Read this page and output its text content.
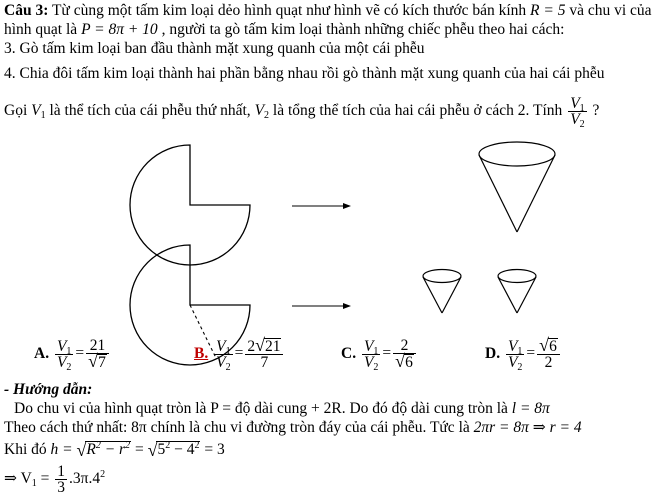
Câu 3: Từ cùng một tấm kim loại dẻo hình quạt như hình vẽ có kích thước bán kính R = 5 và chu vi của
hình quạt là P = 8π + 10 , người ta gò tấm kim loại thành những chiếc phễu theo hai cách:
3. Gò tấm kim loại ban đầu thành mặt xung quanh của một cái phễu
4. Chia đôi tấm kim loại thành hai phần bằng nhau rồi gò thành mặt xung quanh của hai cái phễu
Gọi $V_1$ là thể tích của cái phễu thứ nhất, $V_2$ là tổng thể tích của hai cái phễu ở cách 2. Tính $\frac{V_1}{V_2}$ ?
A. $\frac{V_1}{V_2} = \frac{21}{√7}$	B. $\frac{V_1}{V_2} = \frac{2√21}{7}$	C. $\frac{V_1}{V_2} = \frac{2}{√6}$	D. $\frac{V_1}{V_2} = \frac{√6}{2}$
- Hướng dẫn:
Do chu vi của hình quạt tròn là P = độ dài cung + 2R. Do đó độ dài cung tròn là l = 8π
Theo cách thứ nhất: 8π chính là chu vi đường tròn đáy của cái phễu. Tức là 2πr = 8π ⇒ r = 4
Khi đó $h = √R^2 - r^2 = √5^2 - 4^2 = 3$
⇒ $V_1 = \frac{1}{3} .3\pi.4^2$
